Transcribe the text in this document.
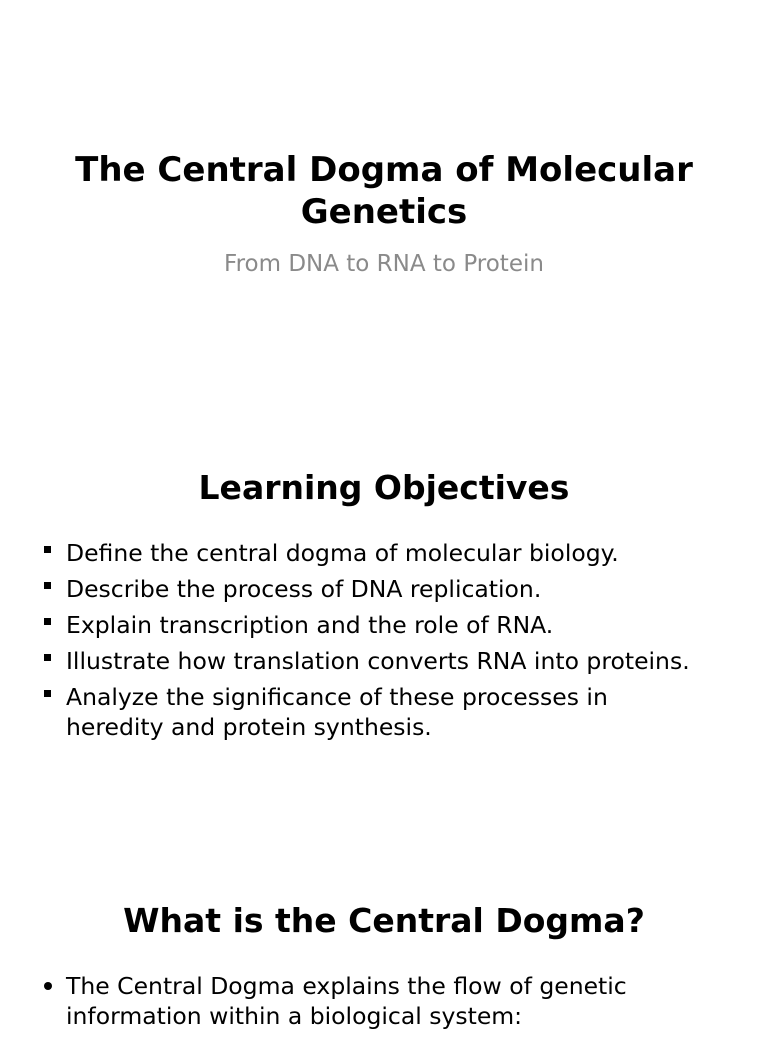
The Central Dogma of Molecular Genetics

From DNA to RNA to Protein

Learning Objectives
Define the central dogma of molecular biology.
Describe the process of DNA replication.
Explain transcription and the role of RNA.
Illustrate how translation converts RNA into proteins.
Analyze the significance of these processes in heredity and protein synthesis.
What is the Central Dogma?
The Central Dogma explains the flow of genetic information within a biological system:
